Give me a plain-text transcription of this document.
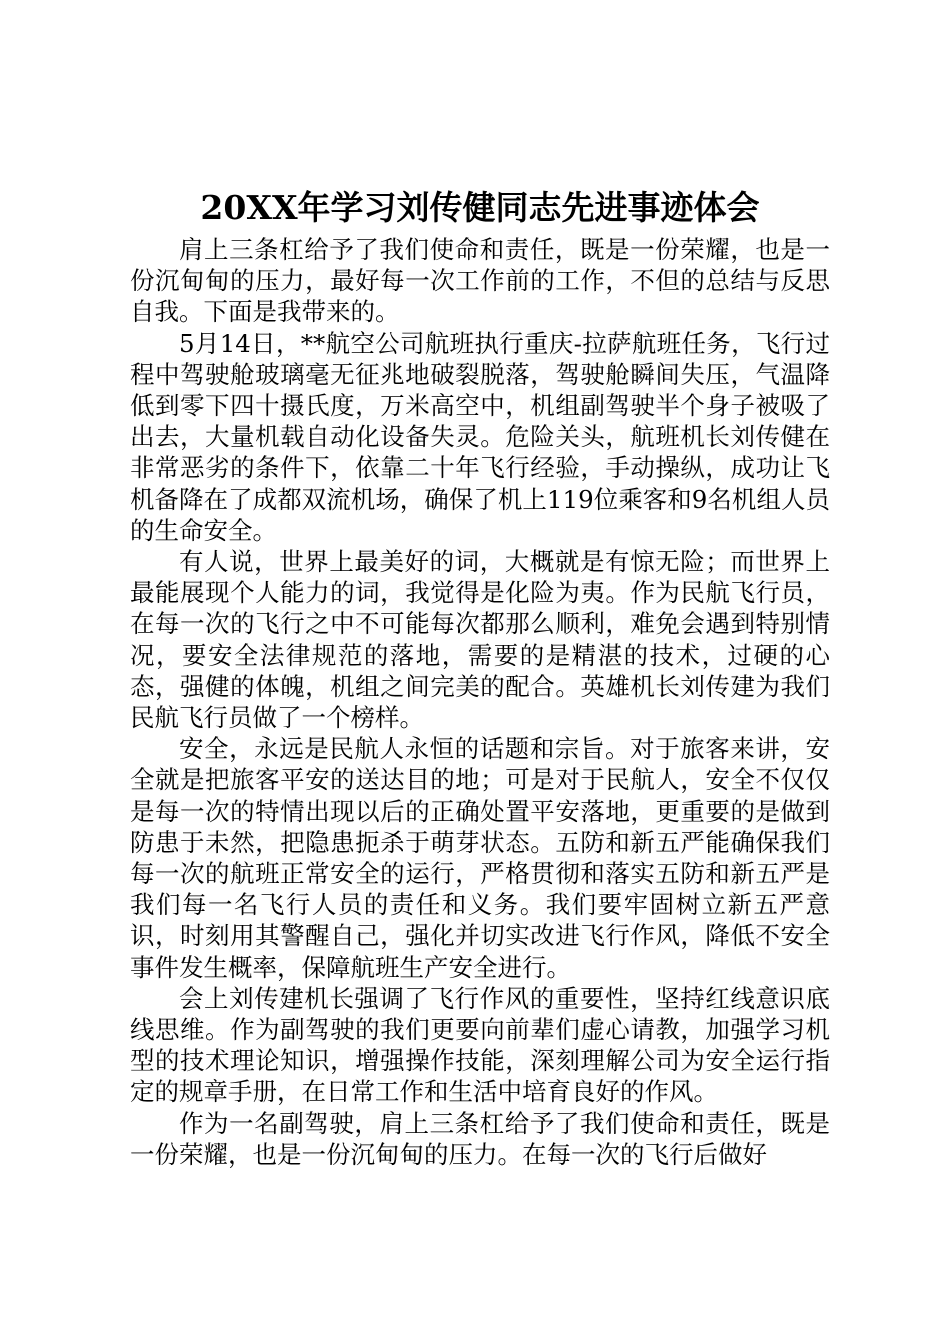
20XX年学习刘传健同志先进事迹体会

肩上三条杠给予了我们使命和责任，既是一份荣耀，也是一份沉甸甸的压力，最好每一次工作前的工作，不但的总结与反思自我。下面是我带来的。

5月14日，**航空公司航班执行重庆-拉萨航班任务，飞行过程中驾驶舱玻璃毫无征兆地破裂脱落，驾驶舱瞬间失压，气温降低到零下四十摄氏度，万米高空中，机组副驾驶半个身子被吸了出去，大量机载自动化设备失灵。危险关头，航班机长刘传健在非常恶劣的条件下，依靠二十年飞行经验，手动操纵，成功让飞机备降在了成都双流机场，确保了机上119位乘客和9名机组人员的生命安全。

有人说，世界上最美好的词，大概就是有惊无险；而世界上最能展现个人能力的词，我觉得是化险为夷。作为民航飞行员，在每一次的飞行之中不可能每次都那么顺利，难免会遇到特别情况，要安全法律规范的落地，需要的是精湛的技术，过硬的心态，强健的体魄，机组之间完美的配合。英雄机长刘传建为我们民航飞行员做了一个榜样。

安全，永远是民航人永恒的话题和宗旨。对于旅客来讲，安全就是把旅客平安的送达目的地；可是对于民航人，安全不仅仅是每一次的特情出现以后的正确处置平安落地，更重要的是做到防患于未然，把隐患扼杀于萌芽状态。五防和新五严能确保我们每一次的航班正常安全的运行，严格贯彻和落实五防和新五严是我们每一名飞行人员的责任和义务。我们要牢固树立新五严意识，时刻用其警醒自己，强化并切实改进飞行作风，降低不安全事件发生概率，保障航班生产安全进行。

会上刘传建机长强调了飞行作风的重要性，坚持红线意识底线思维。作为副驾驶的我们更要向前辈们虚心请教，加强学习机型的技术理论知识，增强操作技能，深刻理解公司为安全运行指定的规章手册，在日常工作和生活中培育良好的作风。

作为一名副驾驶，肩上三条杠给予了我们使命和责任，既是一份荣耀，也是一份沉甸甸的压力。在每一次的飞行后做好
